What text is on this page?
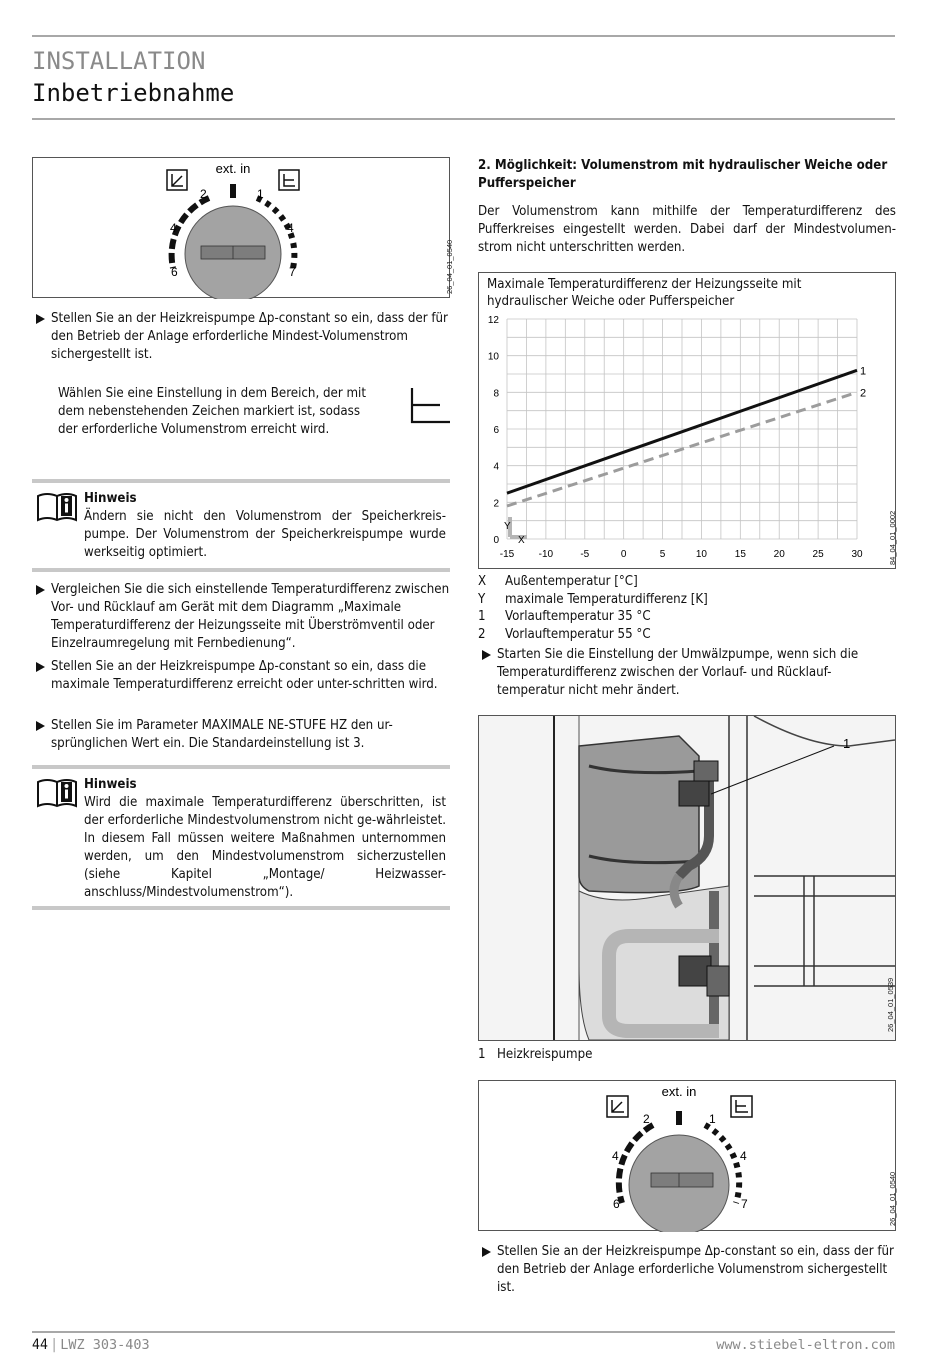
INSTALLATION
Inbetriebnahme
ext. in
2	1
4	4
6	7	26_04_01_0540
Stellen Sie an der Heizkreispumpe Δp-constant so ein, dass der für den Betrieb der Anlage erforderliche Mindest-Volumenstrom sichergestellt ist.
Wählen Sie eine Einstellung in dem Bereich, der mit dem nebenstehenden Zeichen markiert ist, sodass der erforderliche Volumenstrom erreicht wird.
Hinweis
Ändern sie nicht den Volumenstrom der Speicherkreis-pumpe. Der Volumenstrom der Speicherkreispumpe wurde werkseitig optimiert.
Vergleichen Sie die sich einstellende Temperaturdifferenz zwischen Vor- und Rücklauf am Gerät mit dem Diagramm „Maximale Temperaturdifferenz der Heizungsseite mit Überströmventil oder Einzelraumregelung mit Fernbedienung“.
Stellen Sie an der Heizkreispumpe Δp-constant so ein, dass die maximale Temperaturdifferenz erreicht oder unter-schritten wird.
Stellen Sie im Parameter MAXIMALE NE-STUFE HZ den ur-sprünglichen Wert ein. Die Standardeinstellung ist 3.
Hinweis
Wird die maximale Temperaturdifferenz überschritten, ist der erforderliche Mindestvolumenstrom nicht ge-währleistet. In diesem Fall müssen weitere Maßnahmen unternommen werden, um den Mindestvolumenstrom sicherzustellen (siehe Kapitel „Montage/ Heizwasser-anschluss/Mindestvolumenstrom“).
2. Möglichkeit: Volumenstrom mit hydraulischer Weiche oder Pufferspeicher
Der Volumenstrom kann mithilfe der Temperaturdifferenz des Pufferkreises eingestellt werden. Dabei darf der Mindestvolumen-strom nicht unterschritten werden.
Maximale Temperaturdifferenz der Heizungsseite mit hydraulischer Weiche oder Pufferspeicher
0
2
4
6
8
10
12
-15 -10	-5	0	5	10	15	20	25	30
Y
X
1
2
84_04_01_0002
X Außentemperatur [°C]
Y maximale Temperaturdifferenz [K]
1 Vorlauftemperatur 35 °C
2 Vorlauftemperatur 55 °C
Starten Sie die Einstellung der Umwälzpumpe, wenn sich die Temperaturdifferenz zwischen der Vorlauf- und Rücklauf-temperatur nicht mehr ändert.
1
26_04_01_0539
1 Heizkreispumpe
ext. in
2	1
4	4
6	7	26_04_01_0540
Stellen Sie an der Heizkreispumpe Δp-constant so ein, dass der für den Betrieb der Anlage erforderliche Volumenstrom sichergestellt ist.
44 | LWZ 303-403	www.stiebel-eltron.com
